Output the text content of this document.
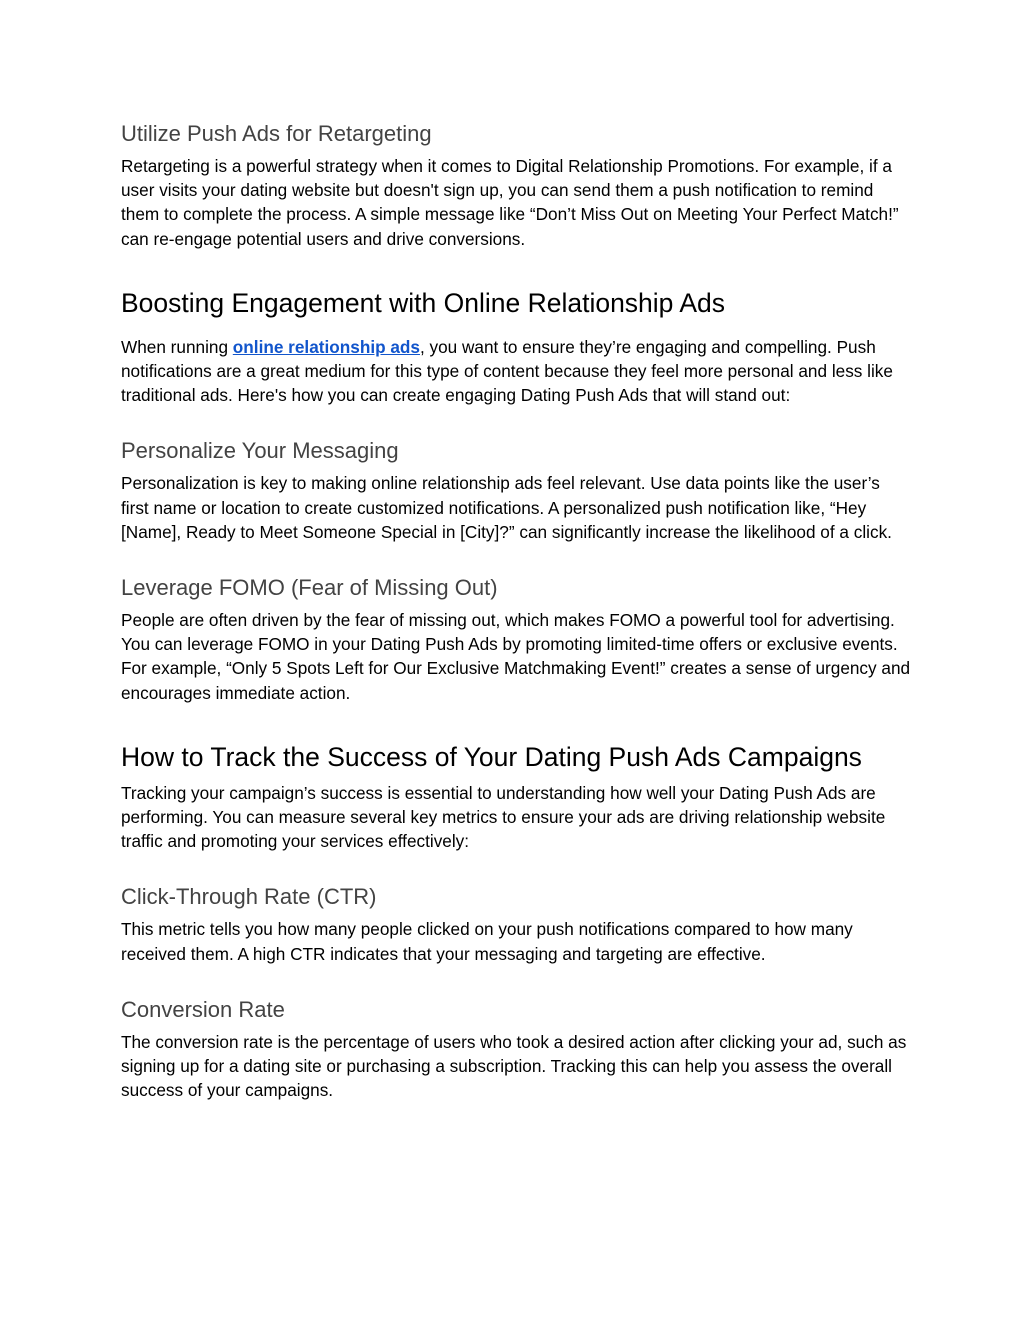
Utilize Push Ads for Retargeting

Retargeting is a powerful strategy when it comes to Digital Relationship Promotions. For example, if a user visits your dating website but doesn't sign up, you can send them a push notification to remind them to complete the process. A simple message like “Don’t Miss Out on Meeting Your Perfect Match!” can re-engage potential users and drive conversions.

Boosting Engagement with Online Relationship Ads

When running online relationship ads, you want to ensure they’re engaging and compelling. Push notifications are a great medium for this type of content because they feel more personal and less like traditional ads. Here's how you can create engaging Dating Push Ads that will stand out:

Personalize Your Messaging

Personalization is key to making online relationship ads feel relevant. Use data points like the user’s first name or location to create customized notifications. A personalized push notification like, “Hey [Name], Ready to Meet Someone Special in [City]?” can significantly increase the likelihood of a click.

Leverage FOMO (Fear of Missing Out)

People are often driven by the fear of missing out, which makes FOMO a powerful tool for advertising. You can leverage FOMO in your Dating Push Ads by promoting limited-time offers or exclusive events. For example, “Only 5 Spots Left for Our Exclusive Matchmaking Event!” creates a sense of urgency and encourages immediate action.

How to Track the Success of Your Dating Push Ads Campaigns

Tracking your campaign’s success is essential to understanding how well your Dating Push Ads are performing. You can measure several key metrics to ensure your ads are driving relationship website traffic and promoting your services effectively:

Click-Through Rate (CTR)

This metric tells you how many people clicked on your push notifications compared to how many received them. A high CTR indicates that your messaging and targeting are effective.

Conversion Rate

The conversion rate is the percentage of users who took a desired action after clicking your ad, such as signing up for a dating site or purchasing a subscription. Tracking this can help you assess the overall success of your campaigns.
